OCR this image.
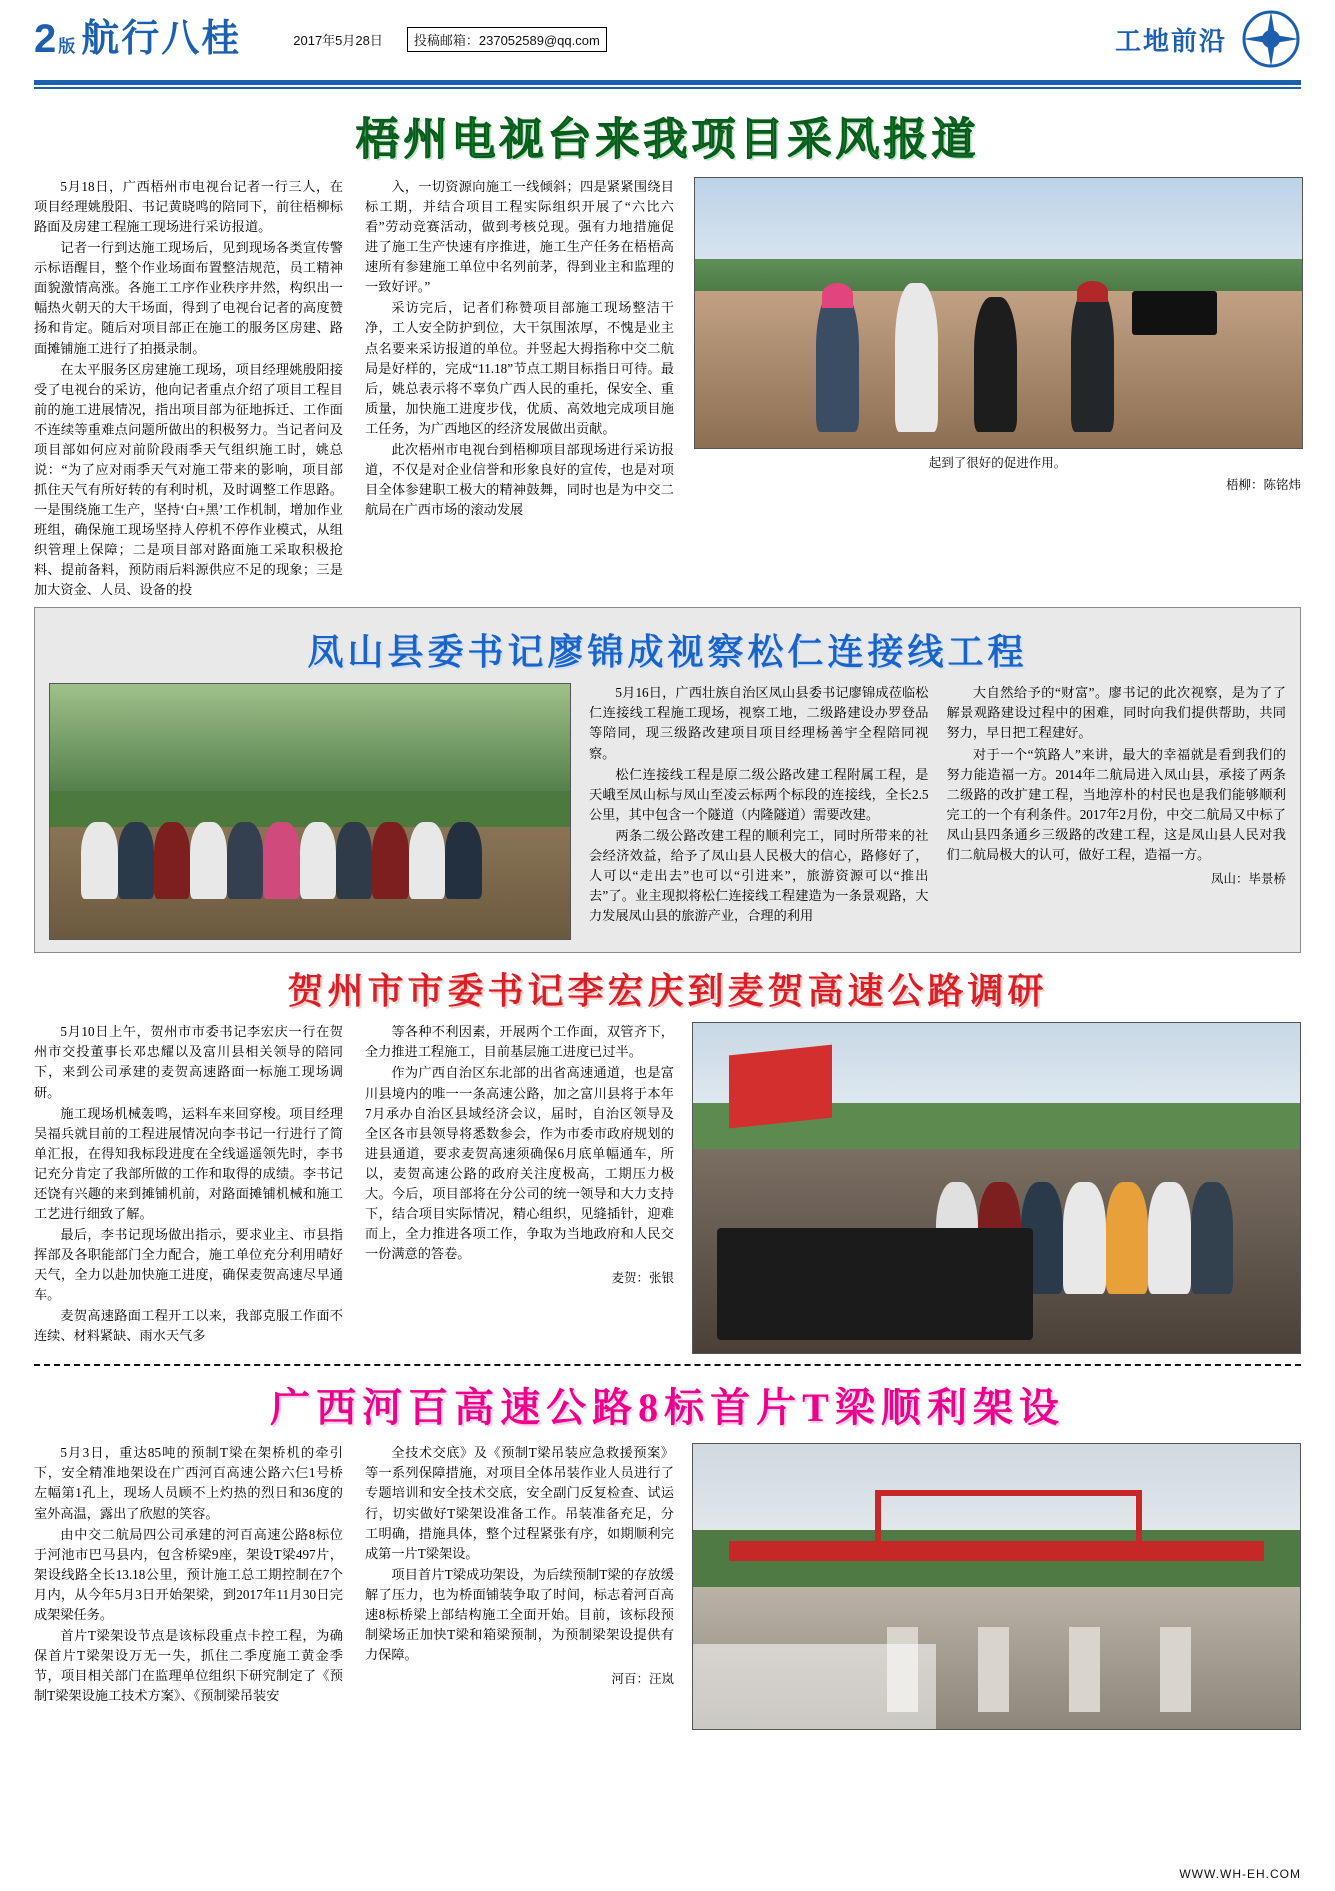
2 版 航行八桂	2017年5月28日	投稿邮箱：237052589@qq.com	工地前沿
梧州电视台来我项目采风报道

5月18日，广西梧州市电视台记者一行三人，在项目经理姚殷阳、书记黄晓鸣的陪同下，前往梧柳标路面及房建工程施工现场进行采访报道。

记者一行到达施工现场后，见到现场各类宣传警示标语醒目，整个作业场面布置整洁规范，员工精神面貌激情高涨。各施工工序作业秩序井然，构织出一幅热火朝天的大干场面，得到了电视台记者的高度赞扬和肯定。随后对项目部正在施工的服务区房建、路面摊铺施工进行了拍摄录制。

在太平服务区房建施工现场，项目经理姚殷阳接受了电视台的采访，他向记者重点介绍了项目工程目前的施工进展情况，指出项目部为征地拆迁、工作面不连续等重难点问题所做出的积极努力。当记者问及项目部如何应对前阶段雨季天气组织施工时，姚总说：“为了应对雨季天气对施工带来的影响，项目部抓住天气有所好转的有利时机，及时调整工作思路。一是围绕施工生产，坚持‘白+黑’工作机制，增加作业班组，确保施工现场坚持人停机不停作业模式，从组织管理上保障；二是项目部对路面施工采取积极抢料、提前备料，预防雨后料源供应不足的现象；三是加大资金、人员、设备的投

入，一切资源向施工一线倾斜；四是紧紧围绕目标工期，并结合项目工程实际组织开展了“六比六看”劳动竞赛活动，做到考核兑现。强有力地措施促进了施工生产快速有序推进，施工生产任务在梧梧高速所有参建施工单位中名列前茅，得到业主和监理的一致好评。”

采访完后，记者们称赞项目部施工现场整洁干净，工人安全防护到位，大干氛围浓厚，不愧是业主点名要来采访报道的单位。并竖起大拇指称中交二航局是好样的，完成“11.18”节点工期目标指日可待。最后，姚总表示将不辜负广西人民的重托，保安全、重质量，加快施工进度步伐，优质、高效地完成项目施工任务，为广西地区的经济发展做出贡献。

此次梧州市电视台到梧柳项目部现场进行采访报道，不仅是对企业信誉和形象良好的宣传，也是对项目全体参建职工极大的精神鼓舞，同时也是为中交二航局在广西市场的滚动发展

起到了很好的促进作用。
梧柳：陈铭炜
凤山县委书记廖锦成视察松仁连接线工程

5月16日，广西壮族自治区凤山县委书记廖锦成莅临松仁连接线工程施工现场，视察工地，二级路建设办罗登品等陪同，现三级路改建项目项目经理杨善宇全程陪同视察。

松仁连接线工程是原二级公路改建工程附属工程，是天峨至凤山标与凤山至凌云标两个标段的连接线，全长2.5公里，其中包含一个隧道（内隆隧道）需要改建。

两条二级公路改建工程的顺利完工，同时所带来的社会经济效益，给予了凤山县人民极大的信心，路修好了，人可以“走出去”也可以“引进来”，旅游资源可以“推出去”了。业主现拟将松仁连接线工程建造为一条景观路，大力发展凤山县的旅游产业，合理的利用

大自然给予的“财富”。廖书记的此次视察，是为了了解景观路建设过程中的困难，同时向我们提供帮助，共同努力，早日把工程建好。

对于一个“筑路人”来讲，最大的幸福就是看到我们的努力能造福一方。2014年二航局进入凤山县，承接了两条二级路的改扩建工程，当地淳朴的村民也是我们能够顺利完工的一个有利条件。2017年2月份，中交二航局又中标了凤山县四条通乡三级路的改建工程，这是凤山县人民对我们二航局极大的认可，做好工程，造福一方。

凤山：毕景桥
贺州市市委书记李宏庆到麦贺高速公路调研

5月10日上午，贺州市市委书记李宏庆一行在贺州市交投董事长邓忠耀以及富川县相关领导的陪同下，来到公司承建的麦贺高速路面一标施工现场调研。

施工现场机械轰鸣，运料车来回穿梭。项目经理吴福兵就目前的工程进展情况向李书记一行进行了简单汇报，在得知我标段进度在全线遥遥领先时，李书记充分肯定了我部所做的工作和取得的成绩。李书记还饶有兴趣的来到摊铺机前，对路面摊铺机械和施工工艺进行细致了解。

最后，李书记现场做出指示，要求业主、市县指挥部及各职能部门全力配合，施工单位充分利用晴好天气，全力以赴加快施工进度，确保麦贺高速尽早通车。

麦贺高速路面工程开工以来，我部克服工作面不连续、材料紧缺、雨水天气多

等各种不利因素，开展两个工作面，双管齐下，全力推进工程施工，目前基层施工进度已过半。

作为广西自治区东北部的出省高速通道，也是富川县境内的唯一一条高速公路，加之富川县将于本年7月承办自治区县域经济会议，届时，自治区领导及全区各市县领导将悉数参会，作为市委市政府规划的进县通道，要求麦贺高速须确保6月底单幅通车，所以，麦贺高速公路的政府关注度极高，工期压力极大。今后，项目部将在分公司的统一领导和大力支持下，结合项目实际情况，精心组织，见缝插针，迎难而上，全力推进各项工作，争取为当地政府和人民交一份满意的答卷。

麦贺：张银
广西河百高速公路8标首片T梁顺利架设

5月3日，重达85吨的预制T梁在架桥机的牵引下，安全精准地架设在广西河百高速公路六仨1号桥左幅第1孔上，现场人员顾不上灼热的烈日和36度的室外高温，露出了欣慰的笑容。

由中交二航局四公司承建的河百高速公路8标位于河池市巴马县内，包含桥梁9座，架设T梁497片，架设线路全长13.18公里，预计施工总工期控制在7个月内，从今年5月3日开始架梁，到2017年11月30日完成架梁任务。

首片T梁架设节点是该标段重点卡控工程，为确保首片T梁架设万无一失，抓住二季度施工黄金季节，项目相关部门在监理单位组织下研究制定了《预制T梁架设施工技术方案》、《预制梁吊装安

全技术交底》及《预制T梁吊装应急救援预案》等一系列保障措施，对项目全体吊装作业人员进行了专题培训和安全技术交底，安全副门反复检查、试运行，切实做好T梁架设准备工作。吊装准备充足，分工明确，措施具体，整个过程紧张有序，如期顺利完成第一片T梁架设。

项目首片T梁成功架设，为后续预制T梁的存放缓解了压力，也为桥面铺装争取了时间，标志着河百高速8标桥梁上部结构施工全面开始。目前，该标段预制梁场正加快T梁和箱梁预制，为预制梁架设提供有力保障。

河百：汪岚
WWW.WH-EH.COM
